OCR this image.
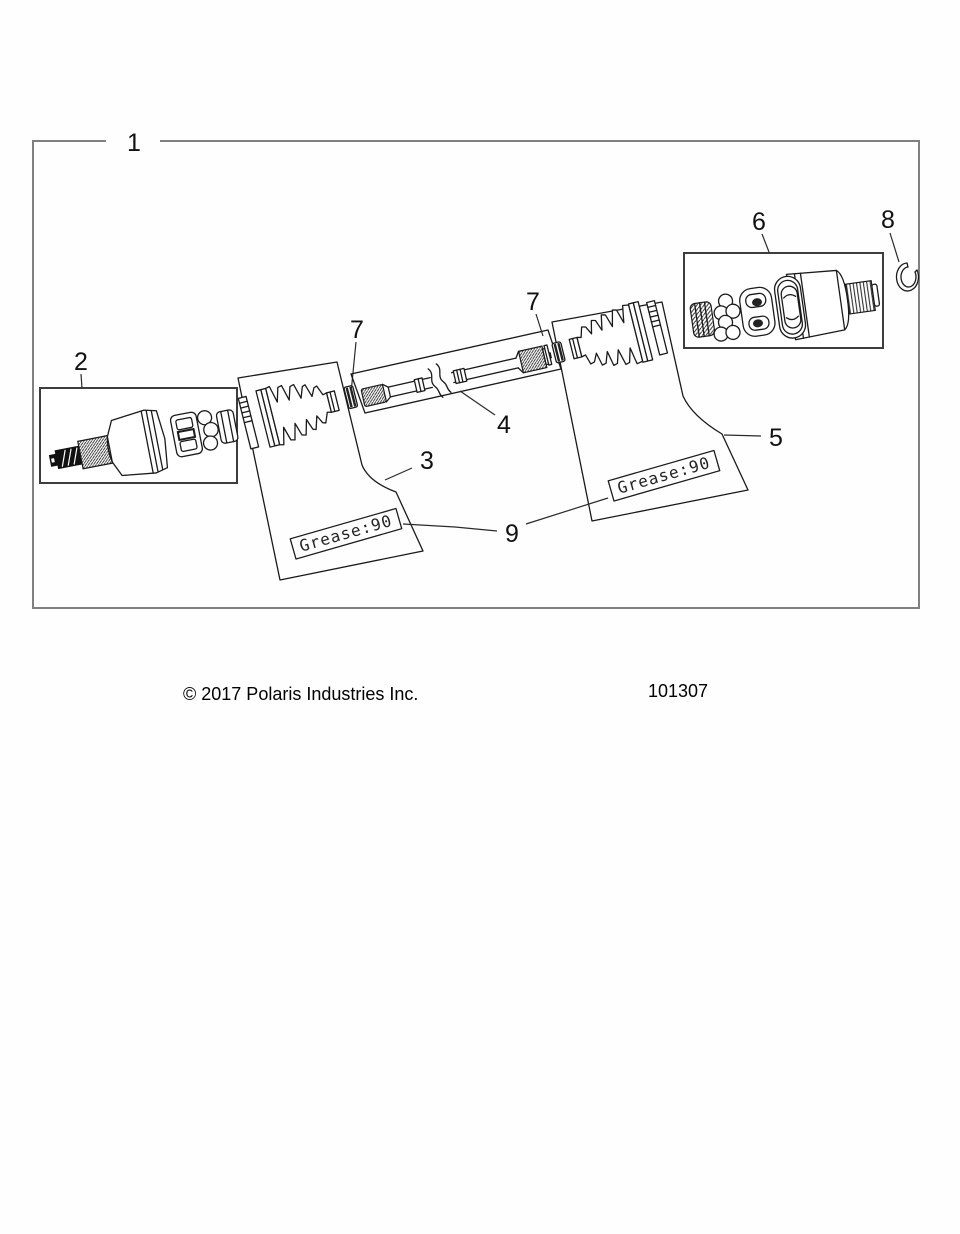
1
2
Grease:90
3
7
4
7
Grease:90
5
6	8
9
© 2017 Polaris Industries Inc.	101307
